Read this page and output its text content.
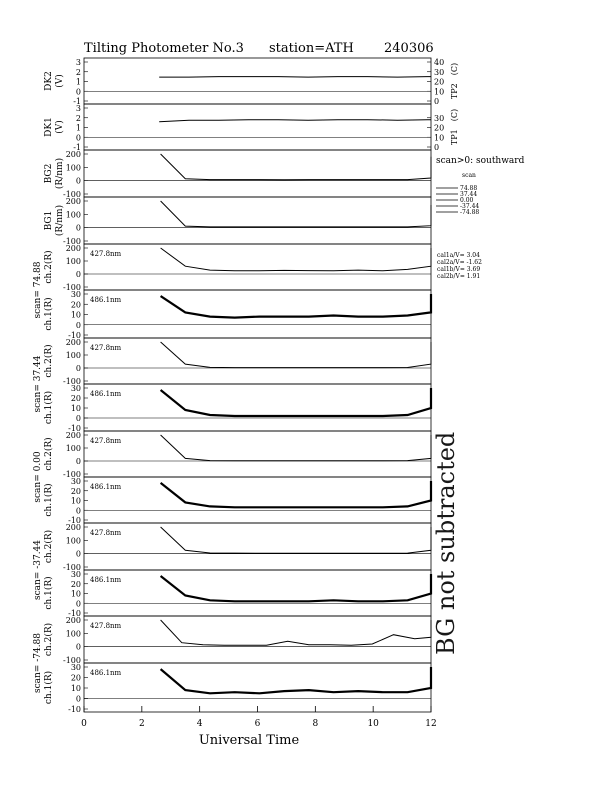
Tilting Photometer No.3 station=ATH 240306
-1
0
1
2
3
0
10
20
30
40
TP2(C)
DK2 (V)
-1
0
1
2
3
0
10
20
30
TP1(C)
DK1 (V)
-100
0
100
200
BG2 (R/nm)
-100
0
100
200
BG1 (R/nm)
-100
0
100
200
ch.2(R)	427.8nm
scan= 74.88
-10
0
10
20
30
ch.1(R)	486.1nm
-100
0
100
200
ch.2(R)	427.8nm
scan= 37.44
-10
0
10
20
30
ch.1(R)	486.1nm
-100
0
100
200
ch.2(R)	427.8nm
scan= 0.00
-10
0
10
20
30
ch.1(R)	486.1nm
-100
0
100
200
ch.2(R)	427.8nm
scan= -37.44
-10
0
10
20
30
ch.1(R)	486.1nm
-100
0
100
200
ch.2(R)	427.8nm
scan= -74.88
-10
0
10
20
30
ch.1(R)	486.1nm
0	2	4	6	8	10	12
Universal Time
scan>0: southward
scan
74.88
37.44
0.00
-37.44
-74.88
cal1a/V= 3.04
cal2a/V= -1.62
cal1b/V= 3.69
cal2b/V= 1.91
BG not subtracted
